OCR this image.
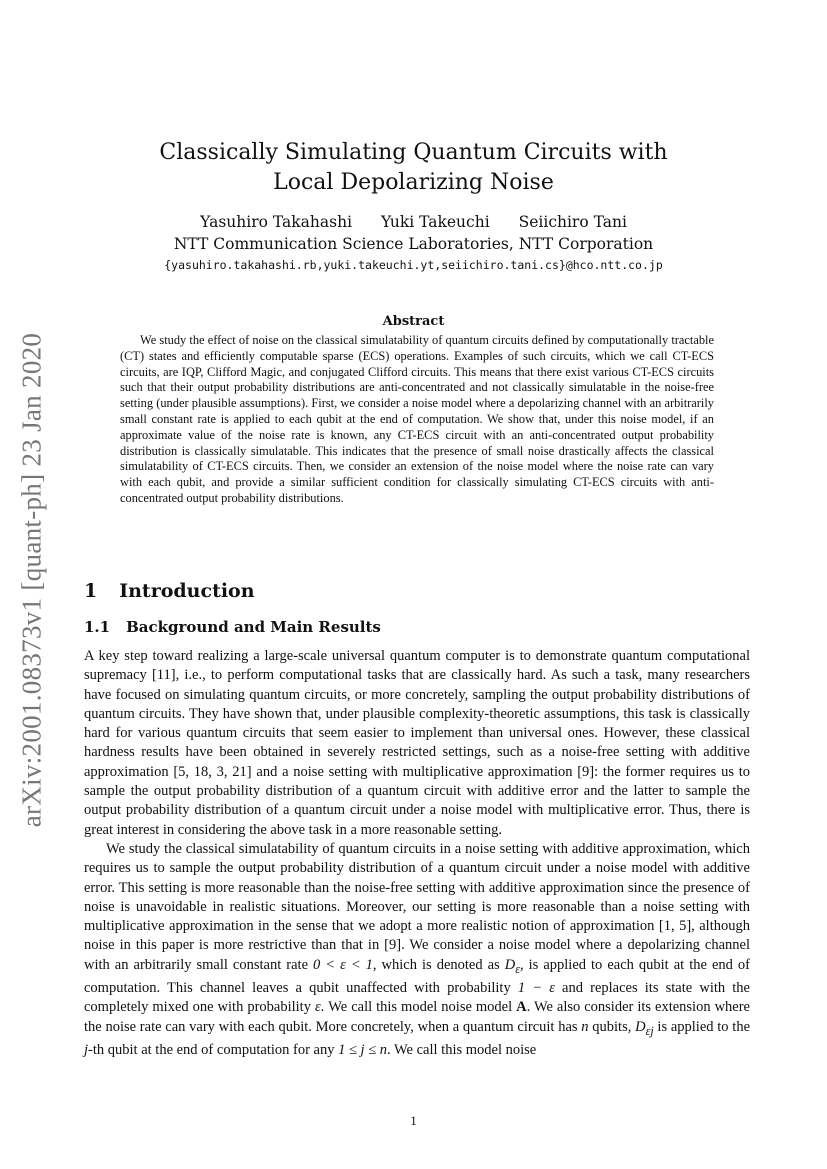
arXiv:2001.08373v1 [quant-ph] 23 Jan 2020
Classically Simulating Quantum Circuits with
Local Depolarizing Noise
Yasuhiro Takahashi Yuki Takeuchi Seiichiro Tani
NTT Communication Science Laboratories, NTT Corporation
{yasuhiro.takahashi.rb,yuki.takeuchi.yt,seiichiro.tani.cs}@hco.ntt.co.jp
Abstract
We study the effect of noise on the classical simulatability of quantum circuits defined by computationally tractable (CT) states and efficiently computable sparse (ECS) operations. Examples of such circuits, which we call CT-ECS circuits, are IQP, Clifford Magic, and conjugated Clifford circuits. This means that there exist various CT-ECS circuits such that their output probability distributions are anti-concentrated and not classically simulatable in the noise-free setting (under plausible assumptions). First, we consider a noise model where a depolarizing channel with an arbitrarily small constant rate is applied to each qubit at the end of computation. We show that, under this noise model, if an approximate value of the noise rate is known, any CT-ECS circuit with an anti-concentrated output probability distribution is classically simulatable. This indicates that the presence of small noise drastically affects the classical simulatability of CT-ECS circuits. Then, we consider an extension of the noise model where the noise rate can vary with each qubit, and provide a similar sufficient condition for classically simulating CT-ECS circuits with anti-concentrated output probability distributions.
1 Introduction
1.1 Background and Main Results

A key step toward realizing a large-scale universal quantum computer is to demonstrate quantum computational supremacy [11], i.e., to perform computational tasks that are classically hard. As such a task, many researchers have focused on simulating quantum circuits, or more concretely, sampling the output probability distributions of quantum circuits. They have shown that, under plausible complexity-theoretic assumptions, this task is classically hard for various quantum circuits that seem easier to implement than universal ones. However, these classical hardness results have been obtained in severely restricted settings, such as a noise-free setting with additive approximation [5, 18, 3, 21] and a noise setting with multiplicative approximation [9]: the former requires us to sample the output probability distribution of a quantum circuit with additive error and the latter to sample the output probability distribution of a quantum circuit under a noise model with multiplicative error. Thus, there is great interest in considering the above task in a more reasonable setting.

We study the classical simulatability of quantum circuits in a noise setting with additive approximation, which requires us to sample the output probability distribution of a quantum circuit under a noise model with additive error. This setting is more reasonable than the noise-free setting with additive approximation since the presence of noise is unavoidable in realistic situations. Moreover, our setting is more reasonable than a noise setting with multiplicative approximation in the sense that we adopt a more realistic notion of approximation [1, 5], although noise in this paper is more restrictive than that in [9]. We consider a noise model where a depolarizing channel with an arbitrarily small constant rate 0 < ε < 1, which is denoted as $D_\varepsilon$, is applied to each qubit at the end of computation. This channel leaves a qubit unaffected with probability 1 − ε and replaces its state with the completely mixed one with probability ε. We call this model noise model A. We also consider its extension where the noise rate can vary with each qubit. More concretely, when a quantum circuit has n qubits, $D_{\varepsilon j}$ is applied to the j-th qubit at the end of computation for any 1 ≤ j ≤ n. We call this model noise

1
